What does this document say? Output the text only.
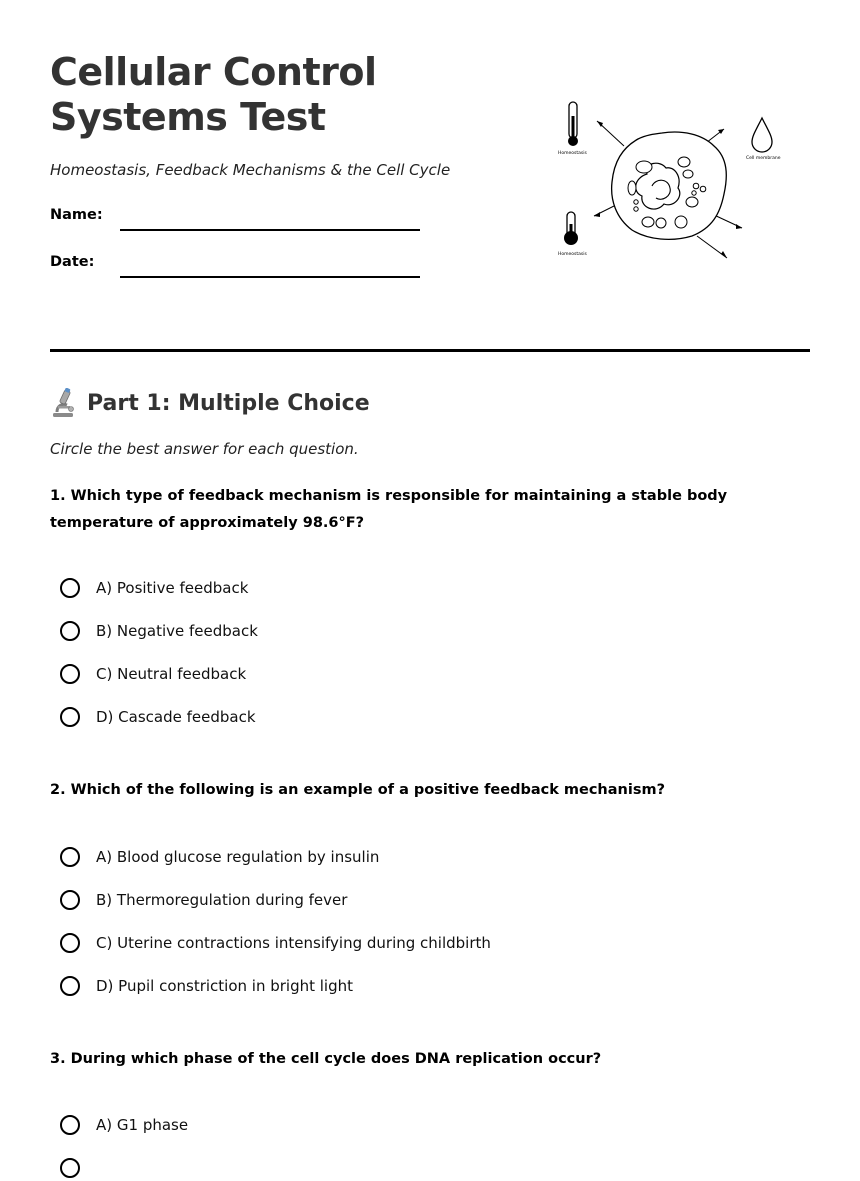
Cellular Control Systems Test

Homeostasis, Feedback Mechanisms & the Cell Cycle

Name:
Date:
Homeostasis
Homeostasis
Cell membrane
Part 1: Multiple Choice

Circle the best answer for each question.

1. Which type of feedback mechanism is responsible for maintaining a stable body temperature of approximately 98.6°F?

A) Positive feedback
B) Negative feedback
C) Neutral feedback
D) Cascade feedback

2. Which of the following is an example of a positive feedback mechanism?

A) Blood glucose regulation by insulin
B) Thermoregulation during fever
C) Uterine contractions intensifying during childbirth
D) Pupil constriction in bright light

3. During which phase of the cell cycle does DNA replication occur?

A) G1 phase
